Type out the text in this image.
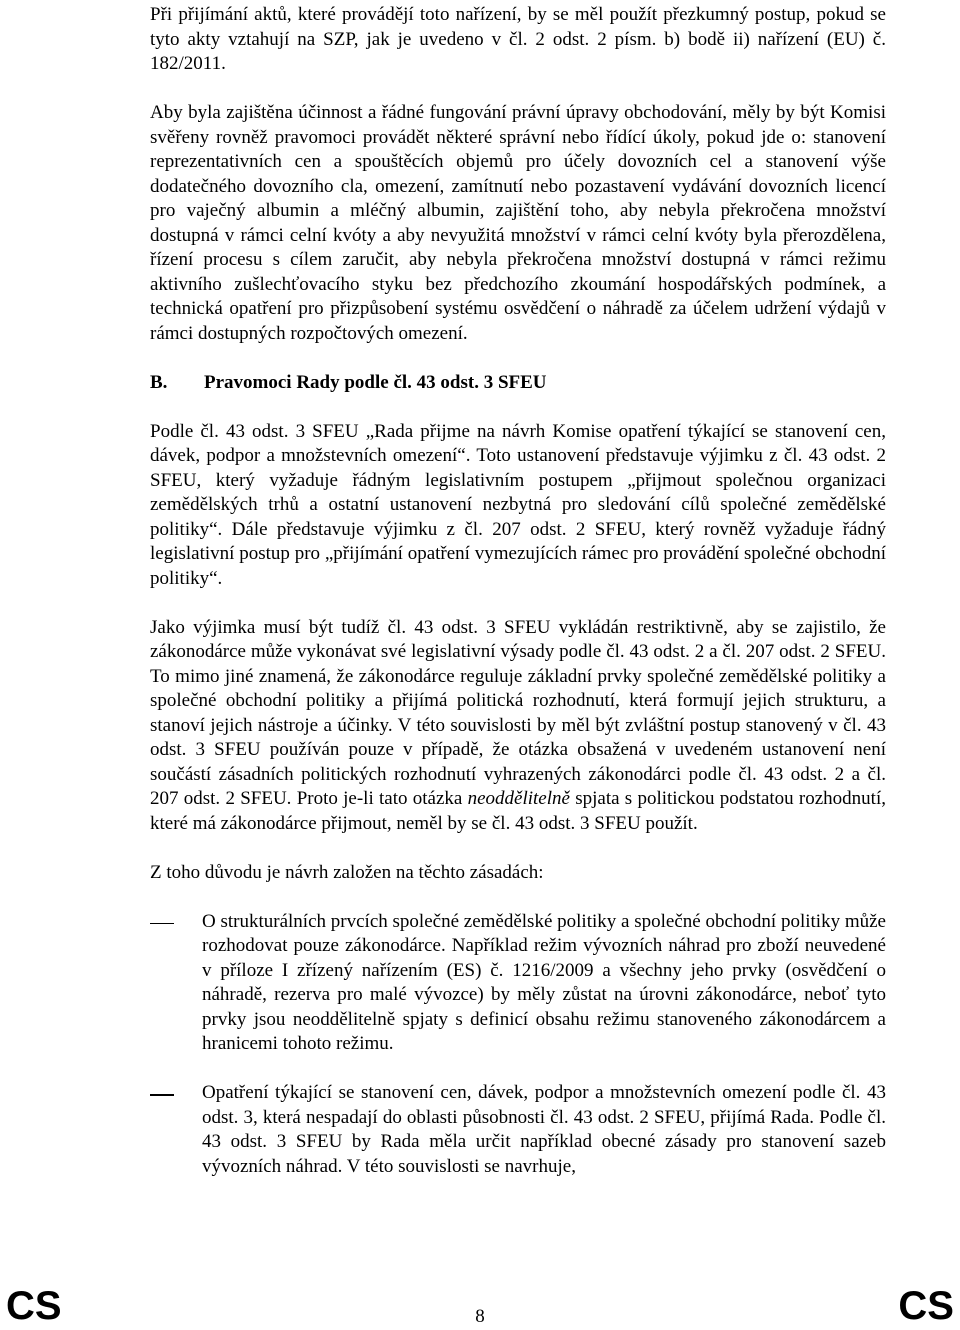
Při přijímání aktů, které provádějí toto nařízení, by se měl použít přezkumný postup, pokud se tyto akty vztahují na SZP, jak je uvedeno v čl. 2 odst. 2 písm. b) bodě ii) nařízení (EU) č. 182/2011.

Aby byla zajištěna účinnost a řádné fungování právní úpravy obchodování, měly by být Komisi svěřeny rovněž pravomoci provádět některé správní nebo řídící úkoly, pokud jde o: stanovení reprezentativních cen a spouštěcích objemů pro účely dovozních cel a stanovení výše dodatečného dovozního cla, omezení, zamítnutí nebo pozastavení vydávání dovozních licencí pro vaječný albumin a mléčný albumin, zajištění toho, aby nebyla překročena množství dostupná v rámci celní kvóty a aby nevyužitá množství v rámci celní kvóty byla přerozdělena, řízení procesu s cílem zaručit, aby nebyla překročena množství dostupná v rámci režimu aktivního zušlechťovacího styku bez předchozího zkoumání hospodářských podmínek, a technická opatření pro přizpůsobení systému osvědčení o náhradě za účelem udržení výdajů v rámci dostupných rozpočtových omezení.

B.	Pravomoci Rady podle čl. 43 odst. 3 SFEU

Podle čl. 43 odst. 3 SFEU „Rada přijme na návrh Komise opatření týkající se stanovení cen, dávek, podpor a množstevních omezení“. Toto ustanovení představuje výjimku z čl. 43 odst. 2 SFEU, který vyžaduje řádným legislativním postupem „přijmout společnou organizaci zemědělských trhů a ostatní ustanovení nezbytná pro sledování cílů společné zemědělské politiky“. Dále představuje výjimku z čl. 207 odst. 2 SFEU, který rovněž vyžaduje řádný legislativní postup pro „přijímání opatření vymezujících rámec pro provádění společné obchodní politiky“.

Jako výjimka musí být tudíž čl. 43 odst. 3 SFEU vykládán restriktivně, aby se zajistilo, že zákonodárce může vykonávat své legislativní výsady podle čl. 43 odst. 2 a čl. 207 odst. 2 SFEU. To mimo jiné znamená, že zákonodárce reguluje základní prvky společné zemědělské politiky a společné obchodní politiky a přijímá politická rozhodnutí, která formují jejich strukturu, a stanoví jejich nástroje a účinky. V této souvislosti by měl být zvláštní postup stanovený v čl. 43 odst. 3 SFEU používán pouze v případě, že otázka obsažená v uvedeném ustanovení není součástí zásadních politických rozhodnutí vyhrazených zákonodárci podle čl. 43 odst. 2 a čl. 207 odst. 2 SFEU. Proto je-li tato otázka neoddělitelně spjata s politickou podstatou rozhodnutí, které má zákonodárce přijmout, neměl by se čl. 43 odst. 3 SFEU použít.

Z toho důvodu je návrh založen na těchto zásadách:

O strukturálních prvcích společné zemědělské politiky a společné obchodní politiky může rozhodovat pouze zákonodárce. Například režim vývozních náhrad pro zboží neuvedené v příloze I zřízený nařízením (ES) č. 1216/2009 a všechny jeho prvky (osvědčení o náhradě, rezerva pro malé vývozce) by měly zůstat na úrovni zákonodárce, neboť tyto prvky jsou neoddělitelně spjaty s definicí obsahu režimu stanoveného zákonodárcem a hranicemi tohoto režimu.

Opatření týkající se stanovení cen, dávek, podpor a množstevních omezení podle čl. 43 odst. 3, která nespadají do oblasti působnosti čl. 43 odst. 2 SFEU, přijímá Rada. Podle čl. 43 odst. 3 SFEU by Rada měla určit například obecné zásady pro stanovení sazeb vývozních náhrad. V této souvislosti se navrhuje,

CS	8	CS
